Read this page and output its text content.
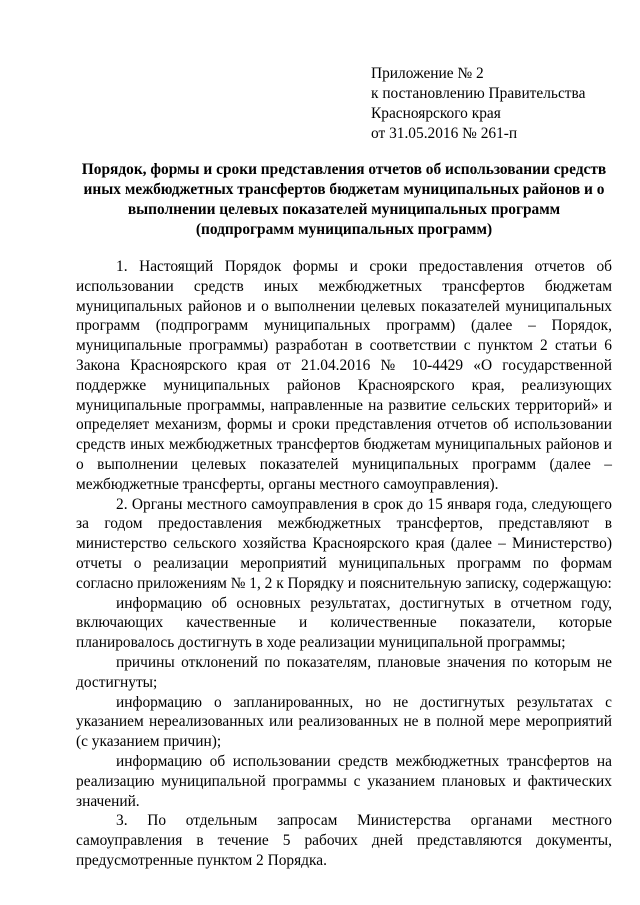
Приложение № 2
к постановлению Правительства
Красноярского края
от 31.05.2016 № 261-п
Порядок, формы и сроки представления отчетов об использовании средств
иных межбюджетных трансфертов бюджетам муниципальных районов и о
выполнении целевых показателей муниципальных программ
(подпрограмм муниципальных программ)

1. Настоящий Порядок формы и сроки предоставления отчетов об использовании средств иных межбюджетных трансфертов бюджетам муниципальных районов и о выполнении целевых показателей муниципальных программ (подпрограмм муниципальных программ) (далее – Порядок, муниципальные программы) разработан в соответствии с пунктом 2 статьи 6 Закона Красноярского края от 21.04.2016 № 10-4429 «О государственной поддержке муниципальных районов Красноярского края, реализующих муниципальные программы, направленные на развитие сельских территорий» и определяет механизм, формы и сроки представления отчетов об использовании средств иных межбюджетных трансфертов бюджетам муниципальных районов и о выполнении целевых показателей муниципальных программ (далее – межбюджетные трансферты, органы местного самоуправления).

2. Органы местного самоуправления в срок до 15 января года, следующего за годом предоставления межбюджетных трансфертов, представляют в министерство сельского хозяйства Красноярского края (далее – Министерство) отчеты о реализации мероприятий муниципальных программ по формам согласно приложениям № 1, 2 к Порядку и пояснительную записку, содержащую:

информацию об основных результатах, достигнутых в отчетном году, включающих качественные и количественные показатели, которые планировалось достигнуть в ходе реализации муниципальной программы;

причины отклонений по показателям, плановые значения по которым не достигнуты;

информацию о запланированных, но не достигнутых результатах с указанием нереализованных или реализованных не в полной мере мероприятий (с указанием причин);

информацию об использовании средств межбюджетных трансфертов на реализацию муниципальной программы с указанием плановых и фактических значений.

3. По отдельным запросам Министерства органами местного самоуправления в течение 5 рабочих дней представляются документы, предусмотренные пунктом 2 Порядка.
